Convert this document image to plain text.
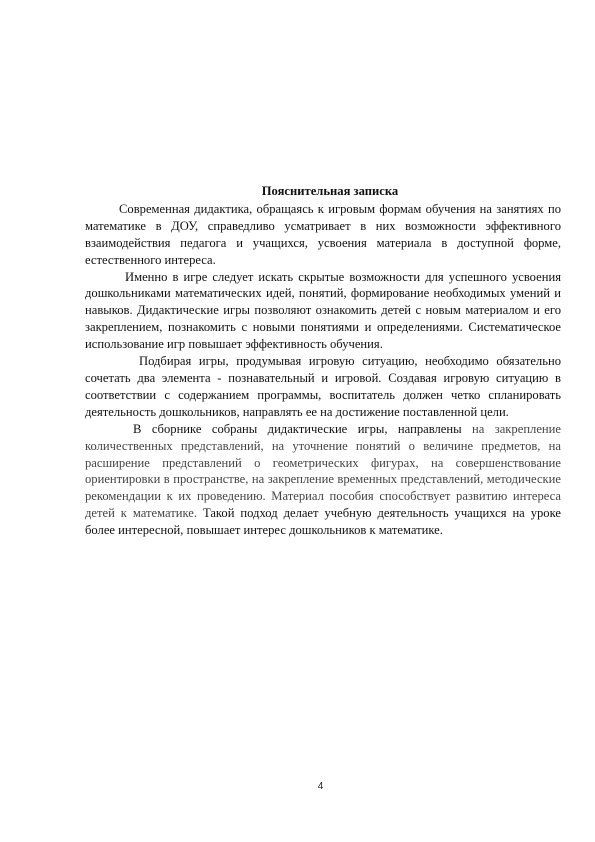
Пояснительная записка

Современная дидактика, обращаясь к игровым формам обучения на занятиях по математике в ДОУ, справедливо усматривает в них возможности эффективного взаимодействия педагога и учащихся, усвоения материала в доступной форме, естественного интереса.

Именно в игре следует искать скрытые возможности для успешного усвоения дошкольниками математических идей, понятий, формирование необходимых умений и навыков. Дидактические игры позволяют ознакомить детей с новым материалом и его закреплением, познакомить с новыми понятиями и определениями. Систематическое использование игр повышает эффективность обучения.

Подбирая игры, продумывая игровую ситуацию, необходимо обязательно сочетать два элемента - познавательный и игровой. Создавая игровую ситуацию в соответствии с содержанием программы, воспитатель должен четко спланировать деятельность дошкольников, направлять ее на достижение поставленной цели.

В сборнике собраны дидактические игры, направлены на закрепление количественных представлений, на уточнение понятий о величине предметов, на расширение представлений о геометрических фигурах, на совершенствование ориентировки в пространстве, на закрепление временных представлений, методические рекомендации к их проведению. Материал пособия способствует развитию интереса детей к математике. Такой подход делает учебную деятельность учащихся на уроке более интересной, повышает интерес дошкольников к математике.

4
